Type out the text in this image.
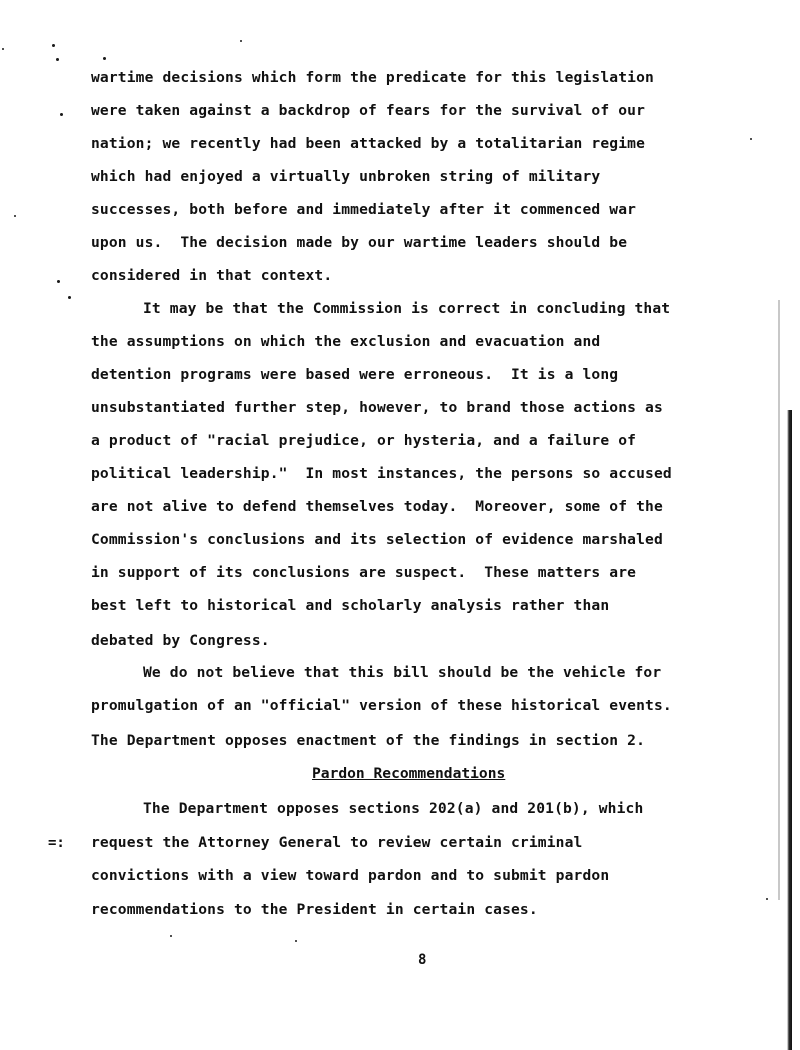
wartime decisions which form the predicate for this legislation
were taken against a backdrop of fears for the survival of our
nation; we recently had been attacked by a totalitarian regime
which had enjoyed a virtually unbroken string of military
successes, both before and immediately after it commenced war
upon us.  The decision made by our wartime leaders should be
considered in that context.
It may be that the Commission is correct in concluding that
the assumptions on which the exclusion and evacuation and
detention programs were based were erroneous.  It is a long
unsubstantiated further step, however, to brand those actions as
a product of "racial prejudice, or hysteria, and a failure of
political leadership."  In most instances, the persons so accused
are not alive to defend themselves today.  Moreover, some of the
Commission's conclusions and its selection of evidence marshaled
in support of its conclusions are suspect.  These matters are
best left to historical and scholarly analysis rather than
debated by Congress.
We do not believe that this bill should be the vehicle for
promulgation of an "official" version of these historical events.
The Department opposes enactment of the findings in section 2.
Pardon Recommendations
The Department opposes sections 202(a) and 201(b), which
request the Attorney General to review certain criminal
convictions with a view toward pardon and to submit pardon
recommendations to the President in certain cases.
=:
8
